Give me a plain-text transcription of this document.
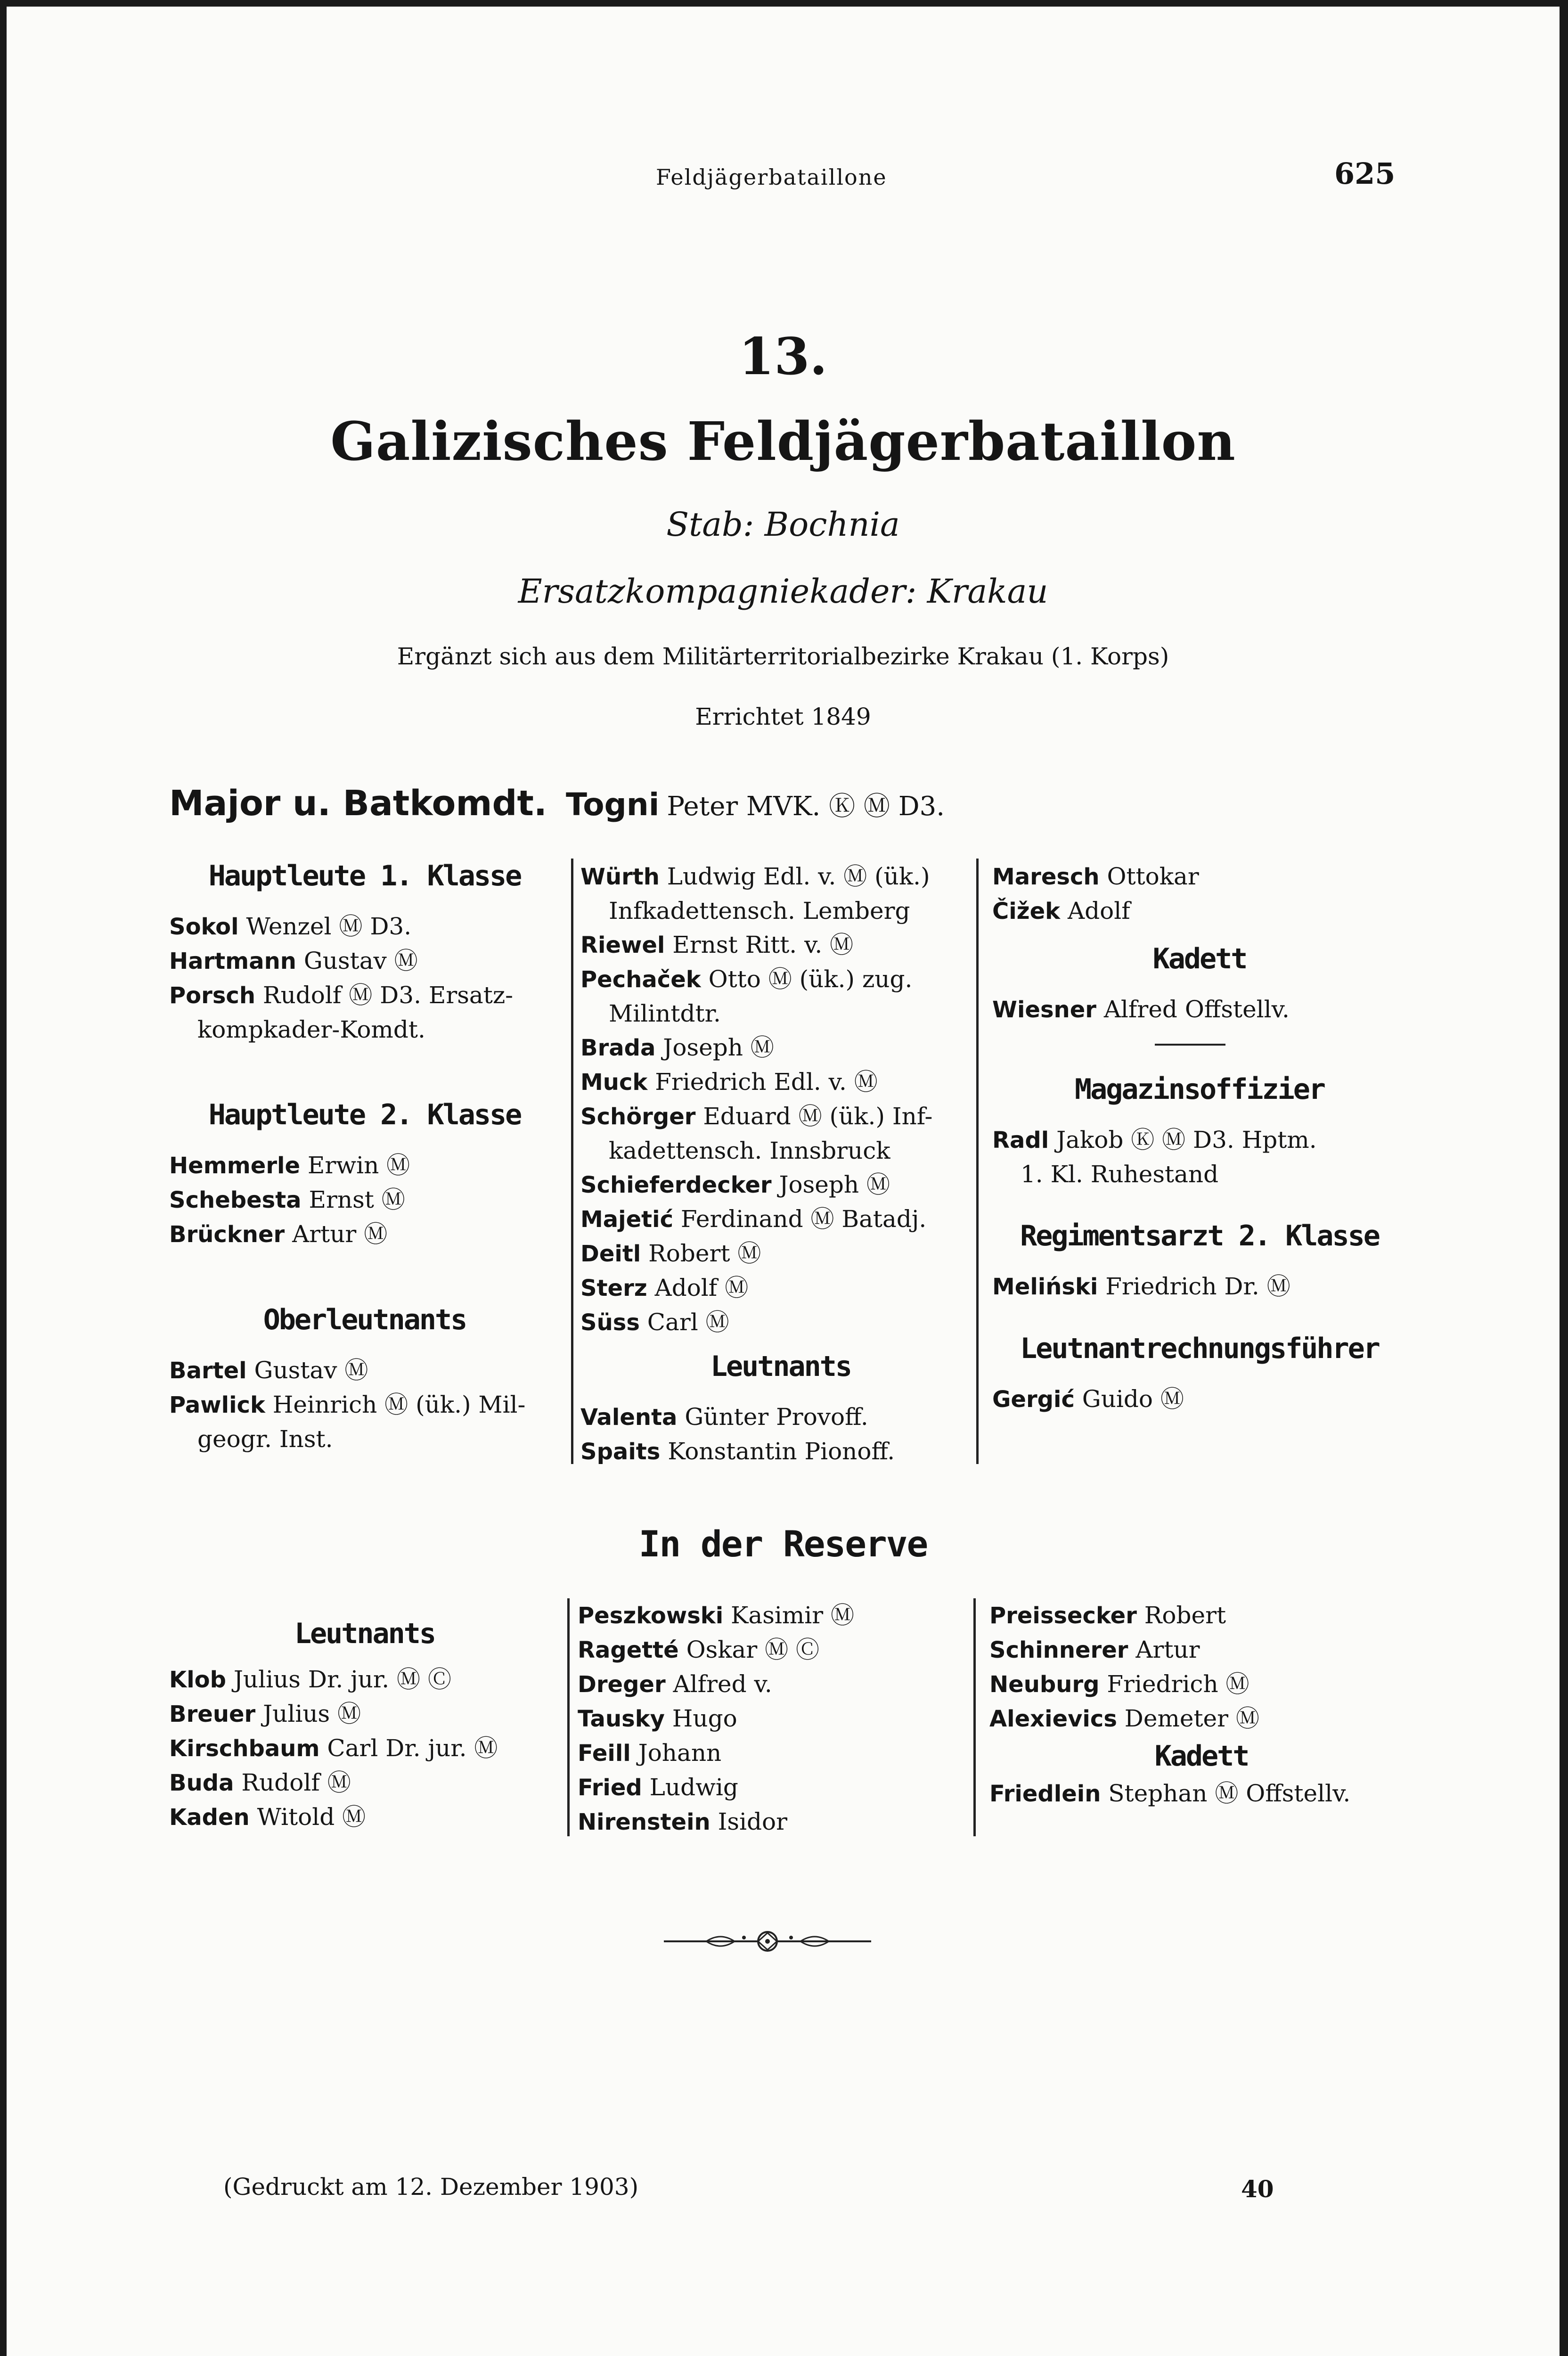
Feldjägerbataillone	625
13.
Galizisches Feldjägerbataillon
Stab: Bochnia
Ersatzkompagniekader: Krakau
Ergänzt sich aus dem Militärterritorialbezirke Krakau (1. Korps)
Errichtet 1849
Major u. Batkomdt. Togni Peter MVK. Ⓚ Ⓜ D3.
Hauptleute 1. Klasse
Sokol Wenzel Ⓜ D3.
Hartmann Gustav Ⓜ
Porsch Rudolf Ⓜ D3. Ersatz-
kompkader-Komdt.
Hauptleute 2. Klasse
Hemmerle Erwin Ⓜ
Schebesta Ernst Ⓜ
Brückner Artur Ⓜ
Oberleutnants
Bartel Gustav Ⓜ
Pawlick Heinrich Ⓜ (ük.) Mil-
geogr. Inst.
Würth Ludwig Edl. v. Ⓜ (ük.)
Infkadettensch. Lemberg
Riewel Ernst Ritt. v. Ⓜ
Pechaček Otto Ⓜ (ük.) zug.
Milintdtr.
Brada Joseph Ⓜ
Muck Friedrich Edl. v. Ⓜ
Schörger Eduard Ⓜ (ük.) Inf-
kadettensch. Innsbruck
Schieferdecker Joseph Ⓜ
Majetić Ferdinand Ⓜ Batadj.
Deitl Robert Ⓜ
Sterz Adolf Ⓜ
Süss Carl Ⓜ
Leutnants
Valenta Günter Provoff.
Spaits Konstantin Pionoff.
Maresch Ottokar
Čižek Adolf
Kadett
Wiesner Alfred Offstellv.
Magazinsoffizier
Radl Jakob Ⓚ Ⓜ D3. Hptm.
1. Kl. Ruhestand
Regimentsarzt 2. Klasse
Meliński Friedrich Dr. Ⓜ
Leutnantrechnungsführer
Gergić Guido Ⓜ
In der Reserve
Leutnants
Klob Julius Dr. jur. Ⓜ Ⓒ
Breuer Julius Ⓜ
Kirschbaum Carl Dr. jur. Ⓜ
Buda Rudolf Ⓜ
Kaden Witold Ⓜ
Peszkowski Kasimir Ⓜ
Ragetté Oskar Ⓜ Ⓒ
Dreger Alfred v.
Tausky Hugo
Feill Johann
Fried Ludwig
Nirenstein Isidor
Preissecker Robert
Schinnerer Artur
Neuburg Friedrich Ⓜ
Alexievics Demeter Ⓜ
Kadett
Friedlein Stephan Ⓜ Offstellv.
(Gedruckt am 12. Dezember 1903)	40
